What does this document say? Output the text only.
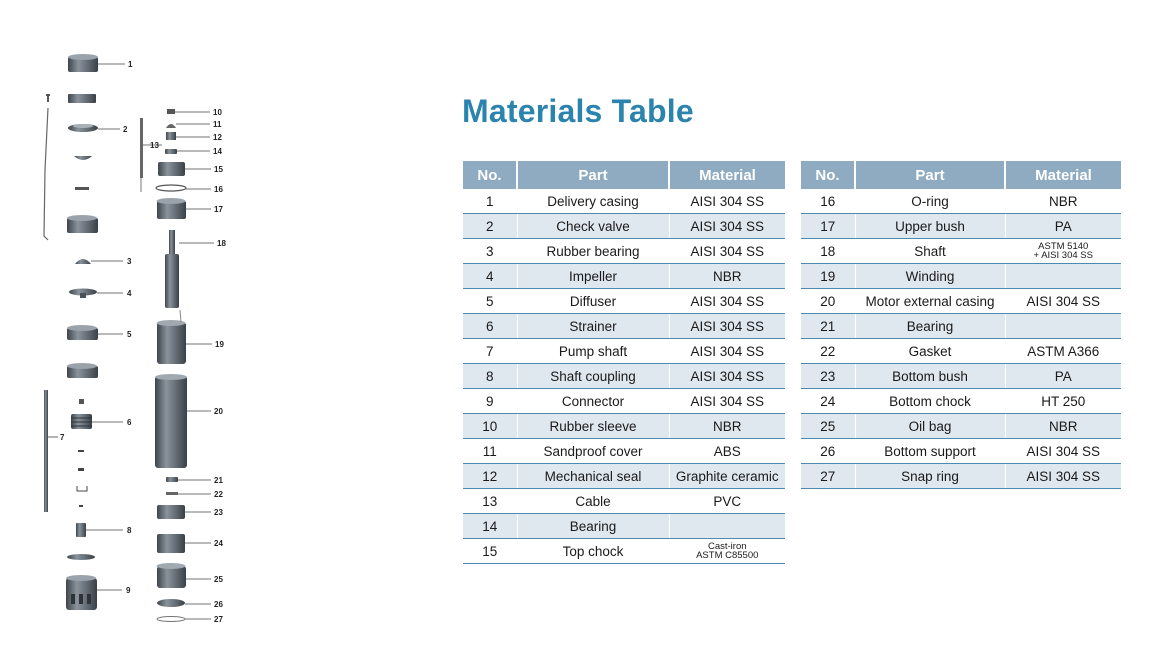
1
2
3
4
5
6
7
8
9
10
11
12
13
14
15
16
17
18
19
20
21
22
23
24
25
26
27
Materials Table
No.	Part	Material
1	Delivery casing	AISI 304 SS
2	Check valve	AISI 304 SS
3	Rubber bearing	AISI 304 SS
4	Impeller	NBR
5	Diffuser	AISI 304 SS
6	Strainer	AISI 304 SS
7	Pump shaft	AISI 304 SS
8	Shaft coupling	AISI 304 SS
9	Connector	AISI 304 SS
10	Rubber sleeve	NBR
11	Sandproof cover	ABS
12	Mechanical seal	Graphite ceramic
13	Cable	PVC
14	Bearing	
15	Top chock	Cast-iron
ASTM C85500
No.	Part	Material
16	O-ring	NBR
17	Upper bush	PA
18	Shaft	ASTM 5140
+ AISI 304 SS

19	Winding	
20	Motor external casing	AISI 304 SS
21	Bearing	
22	Gasket	ASTM A366
23	Bottom bush	PA
24	Bottom chock	HT 250
25	Oil bag	NBR
26	Bottom support	AISI 304 SS
27	Snap ring	AISI 304 SS
